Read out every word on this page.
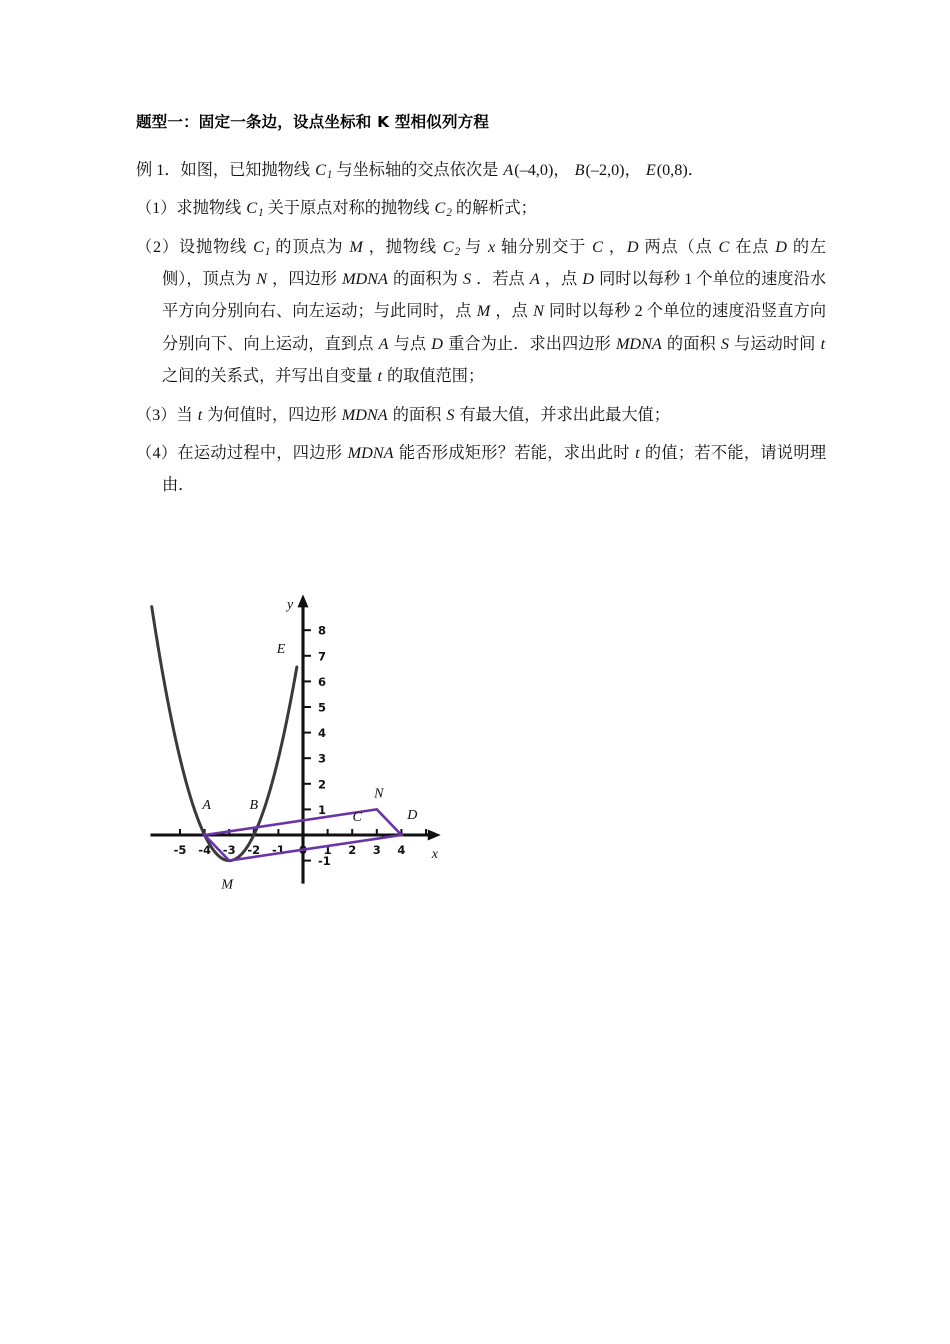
题型一：固定一条边，设点坐标和 K 型相似列方程

例 1．如图，已知抛物线 $C_1$ 与坐标轴的交点依次是 A(–4,0)， B(–2,0)， E(0,8)．

（1）求抛物线 $C_1$ 关于原点对称的抛物线 $C_2$ 的解析式；

（2）设抛物线 $C_1$ 的顶点为 M ，抛物线 $C_2$ 与 x 轴分别交于 C ，D 两点（点 C 在点 D 的左侧），顶点为 N ，四边形 MDNA 的面积为 S ．若点 A ，点 D 同时以每秒 1 个单位的速度沿水平方向分别向右、向左运动；与此同时，点 M ，点 N 同时以每秒 2 个单位的速度沿竖直方向分别向下、向上运动，直到点 A 与点 D 重合为止．求出四边形 MDNA 的面积 S 与运动时间 t 之间的关系式，并写出自变量 t 的取值范围；

（3）当 t 为何值时，四边形 MDNA 的面积 S 有最大值，并求出此最大值；

（4）在运动过程中，四边形 MDNA 能否形成矩形？若能，求出此时 t 的值；若不能，请说明理由．

-5 -4 -3 -2 -1 0 1 2 3 4
-1
1
2
3
4
5
6
7
8
x
y
A	B
C	D
E
M
N
